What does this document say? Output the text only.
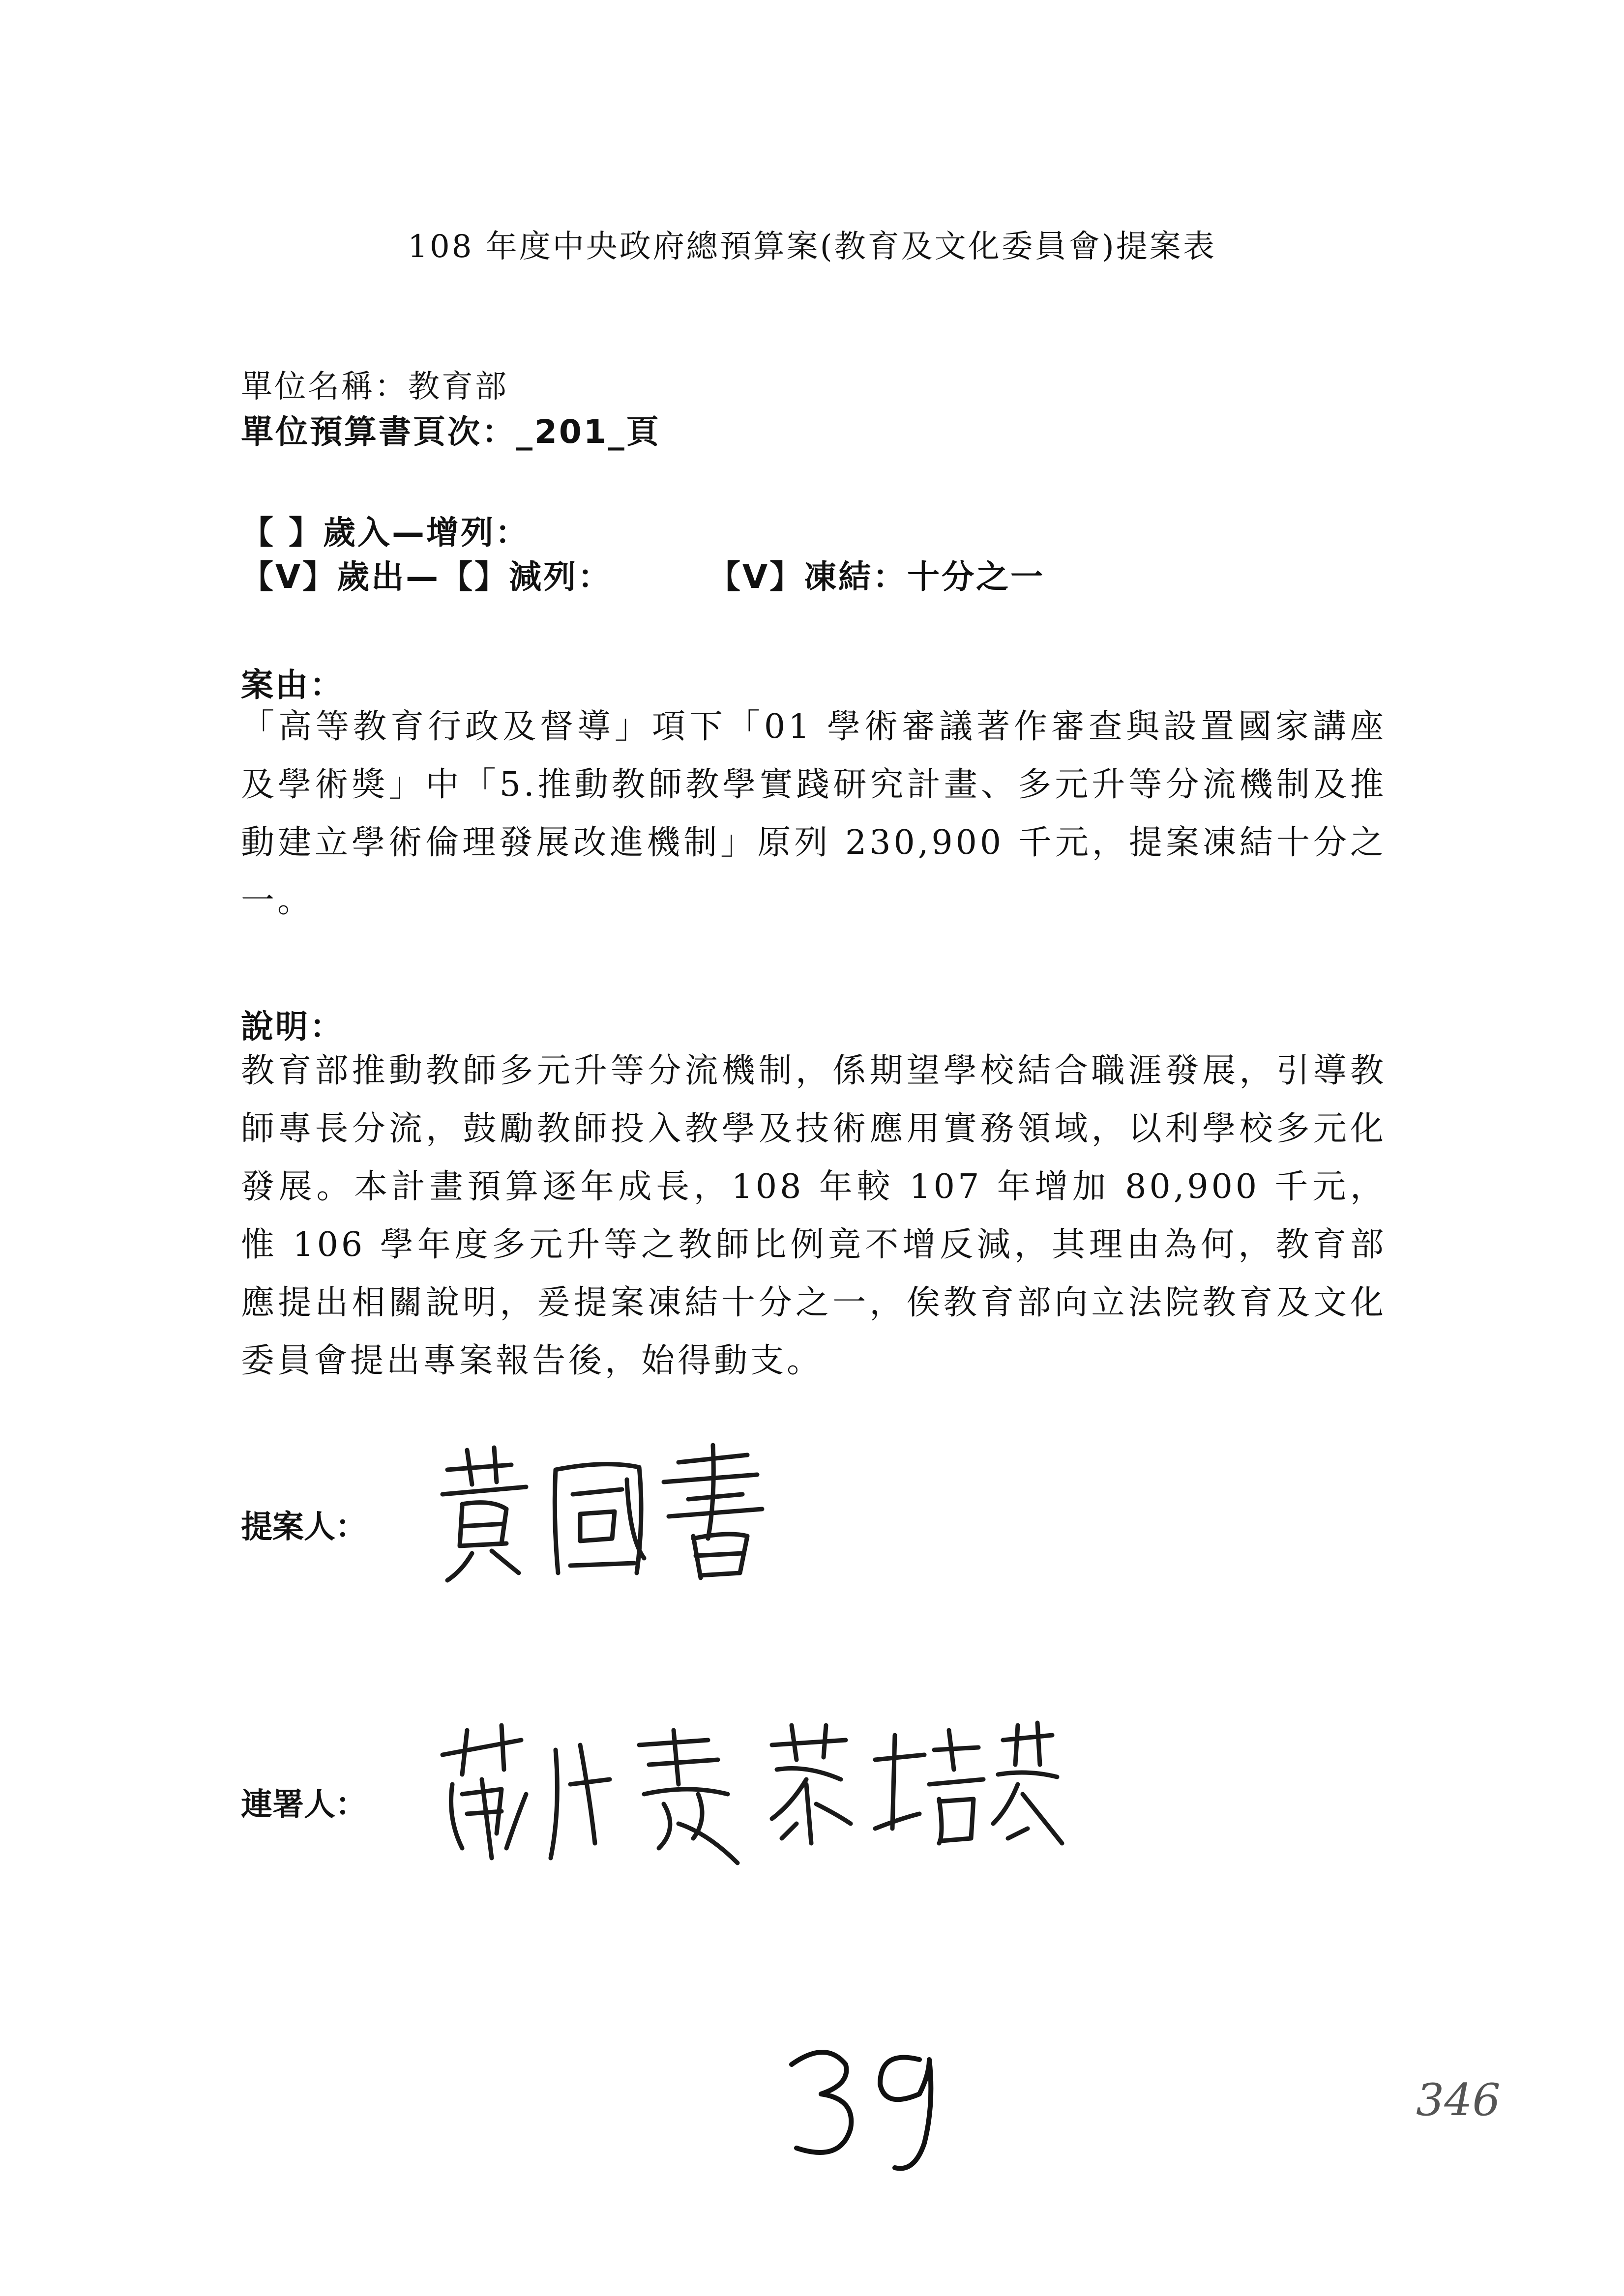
108 年度中央政府總預算案(教育及文化委員會)提案表
單位名稱：教育部
單位預算書頁次：_201_頁
【 】歲入—增列：
【V】歲出—【】減列：	【V】凍結：十分之一
案由：
「高等教育行政及督導」項下「01 學術審議著作審查與設置國家講座及學術獎」中「5.推動教師教學實踐研究計畫、多元升等分流機制及推動建立學術倫理發展改進機制」原列 230,900 千元，提案凍結十分之一。
說明：
教育部推動教師多元升等分流機制，係期望學校結合職涯發展，引導教師專長分流，鼓勵教師投入教學及技術應用實務領域，以利學校多元化發展。本計畫預算逐年成長，108 年較 107 年增加 80,900 千元，惟 106 學年度多元升等之教師比例竟不增反減，其理由為何，教育部應提出相關說明，爰提案凍結十分之一，俟教育部向立法院教育及文化委員會提出專案報告後，始得動支。
提案人：
連署人：
346
